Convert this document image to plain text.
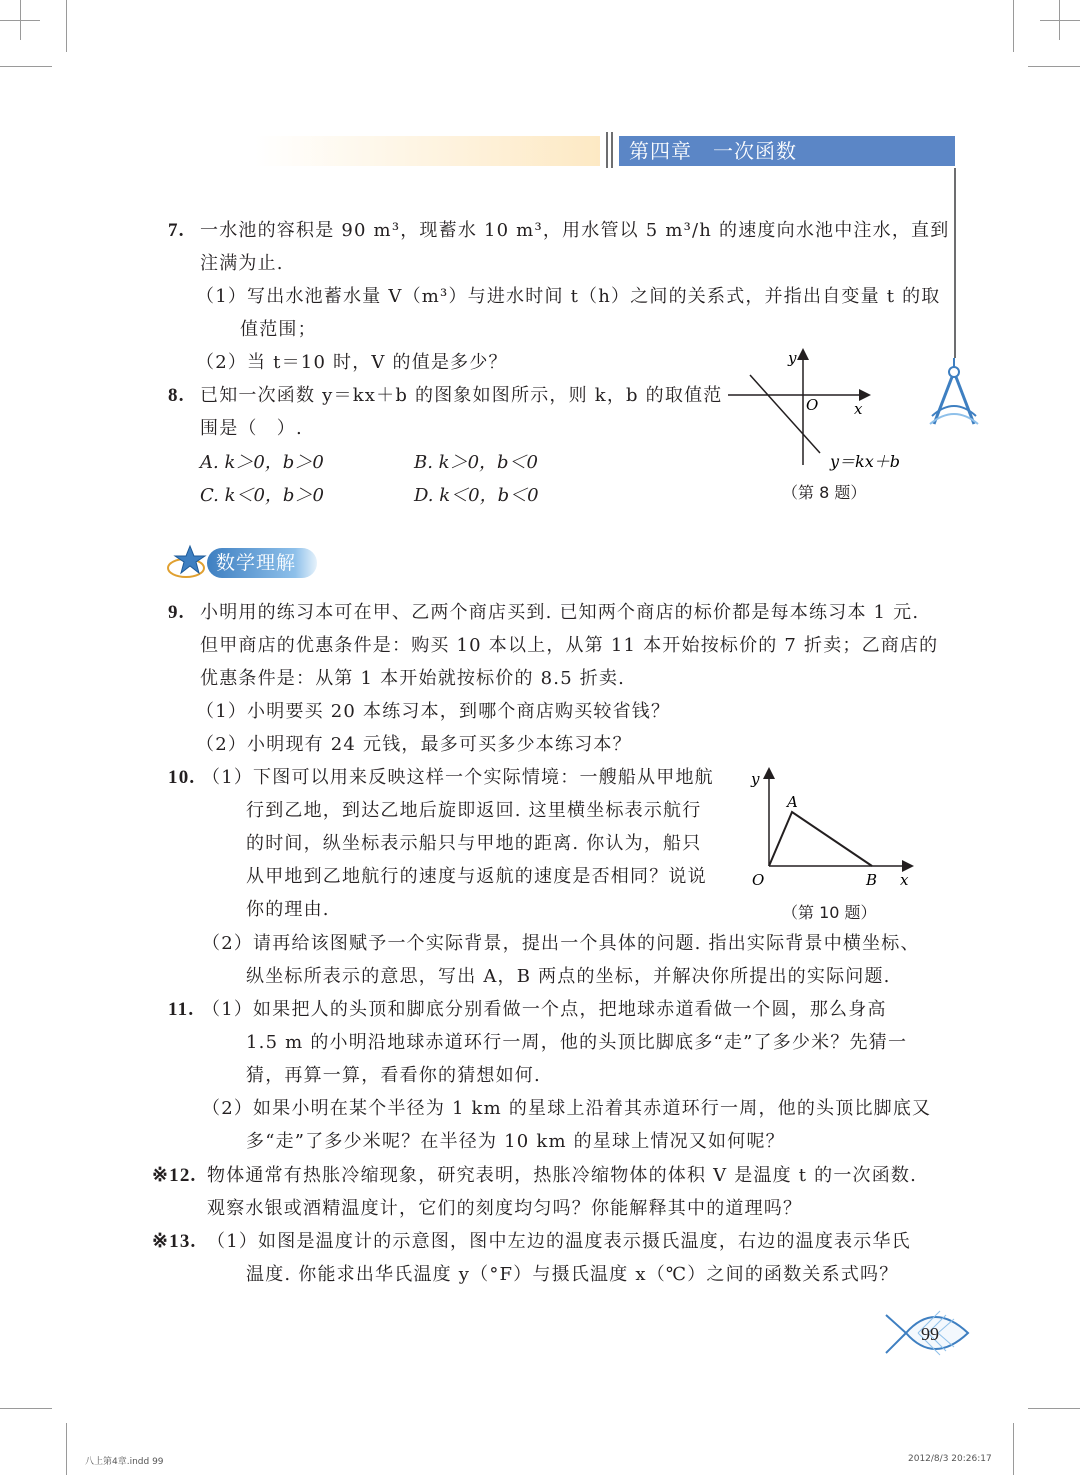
第四章　一次函数
7. 一水池的容积是 90 m³，现蓄水 10 m³，用水管以 5 m³/h 的速度向水池中注水，直到
注满为止.
（1）写出水池蓄水量 V（m³）与进水时间 t（h）之间的关系式，并指出自变量 t 的取
值范围；
（2）当 t＝10 时，V 的值是多少？
8. 已知一次函数 y＝kx＋b 的图象如图所示，则 k，b 的取值范
围是（　）.
A. k＞0，b＞0	B. k＞0，b＜0
C. k＜0，b＞0	D. k＜0，b＜0
y
O x
y＝kx＋b
（第 8 题）
数学理解
9. 小明用的练习本可在甲、乙两个商店买到. 已知两个商店的标价都是每本练习本 1 元.
但甲商店的优惠条件是：购买 10 本以上，从第 11 本开始按标价的 7 折卖；乙商店的
优惠条件是：从第 1 本开始就按标价的 8.5 折卖.
（1）小明要买 20 本练习本，到哪个商店购买较省钱？
（2）小明现有 24 元钱，最多可买多少本练习本？
10. （1）下图可以用来反映这样一个实际情境：一艘船从甲地航
行到乙地，到达乙地后旋即返回. 这里横坐标表示航行
的时间，纵坐标表示船只与甲地的距离. 你认为，船只
从甲地到乙地航行的速度与返航的速度是否相同？说说
你的理由.
（2）请再给该图赋予一个实际背景，提出一个具体的问题. 指出实际背景中横坐标、
纵坐标所表示的意思，写出 A，B 两点的坐标，并解决你所提出的实际问题.
y
A
O	B x
（第 10 题）
11. （1）如果把人的头顶和脚底分别看做一个点，把地球赤道看做一个圆，那么身高
1.5 m 的小明沿地球赤道环行一周，他的头顶比脚底多“走”了多少米？先猜一
猜，再算一算，看看你的猜想如何.
（2）如果小明在某个半径为 1 km 的星球上沿着其赤道环行一周，他的头顶比脚底又
多“走”了多少米呢？在半径为 10 km 的星球上情况又如何呢？
※12. 物体通常有热胀冷缩现象，研究表明，热胀冷缩物体的体积 V 是温度 t 的一次函数.
观察水银或酒精温度计，它们的刻度均匀吗？你能解释其中的道理吗？
※13. （1）如图是温度计的示意图，图中左边的温度表示摄氏温度，右边的温度表示华氏
温度. 你能求出华氏温度 y（°F）与摄氏温度 x（℃）之间的函数关系式吗？
99
八上第4章.indd 99	2012/8/3 20:26:17
